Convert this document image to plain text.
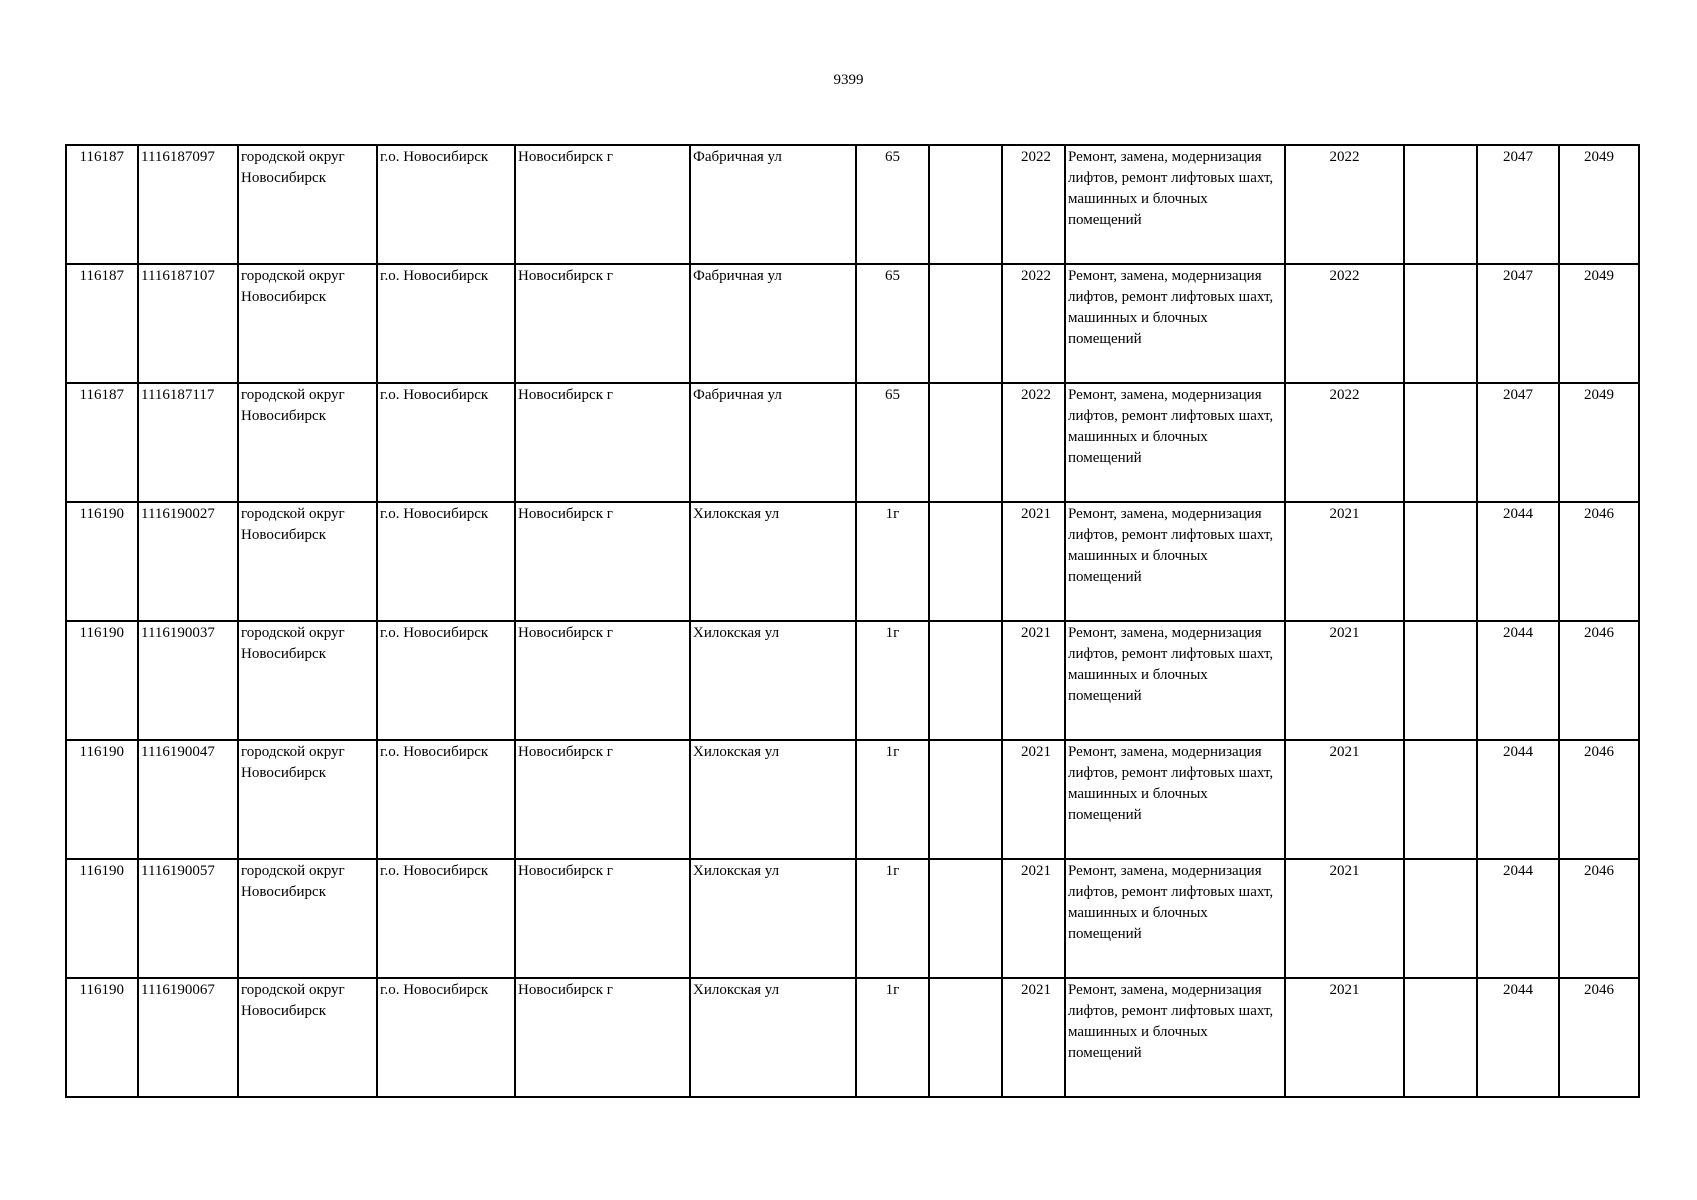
9399
116187	1116187097	городской округ Новосибирск	г.о. Новосибирск	Новосибирск г	Фабричная ул	65		2022	Ремонт, замена, модернизация лифтов, ремонт лифтовых шахт, машинных и блочных помещений	2022		2047	2049
116187	1116187107	городской округ Новосибирск	г.о. Новосибирск	Новосибирск г	Фабричная ул	65		2022	Ремонт, замена, модернизация лифтов, ремонт лифтовых шахт, машинных и блочных помещений	2022		2047	2049
116187	1116187117	городской округ Новосибирск	г.о. Новосибирск	Новосибирск г	Фабричная ул	65		2022	Ремонт, замена, модернизация лифтов, ремонт лифтовых шахт, машинных и блочных помещений	2022		2047	2049
116190	1116190027	городской округ Новосибирск	г.о. Новосибирск	Новосибирск г	Хилокская ул	1г		2021	Ремонт, замена, модернизация лифтов, ремонт лифтовых шахт, машинных и блочных помещений	2021		2044	2046
116190	1116190037	городской округ Новосибирск	г.о. Новосибирск	Новосибирск г	Хилокская ул	1г		2021	Ремонт, замена, модернизация лифтов, ремонт лифтовых шахт, машинных и блочных помещений	2021		2044	2046
116190	1116190047	городской округ Новосибирск	г.о. Новосибирск	Новосибирск г	Хилокская ул	1г		2021	Ремонт, замена, модернизация лифтов, ремонт лифтовых шахт, машинных и блочных помещений	2021		2044	2046
116190	1116190057	городской округ Новосибирск	г.о. Новосибирск	Новосибирск г	Хилокская ул	1г		2021	Ремонт, замена, модернизация лифтов, ремонт лифтовых шахт, машинных и блочных помещений	2021		2044	2046
116190	1116190067	городской округ Новосибирск	г.о. Новосибирск	Новосибирск г	Хилокская ул	1г		2021	Ремонт, замена, модернизация лифтов, ремонт лифтовых шахт, машинных и блочных помещений	2021		2044	2046
